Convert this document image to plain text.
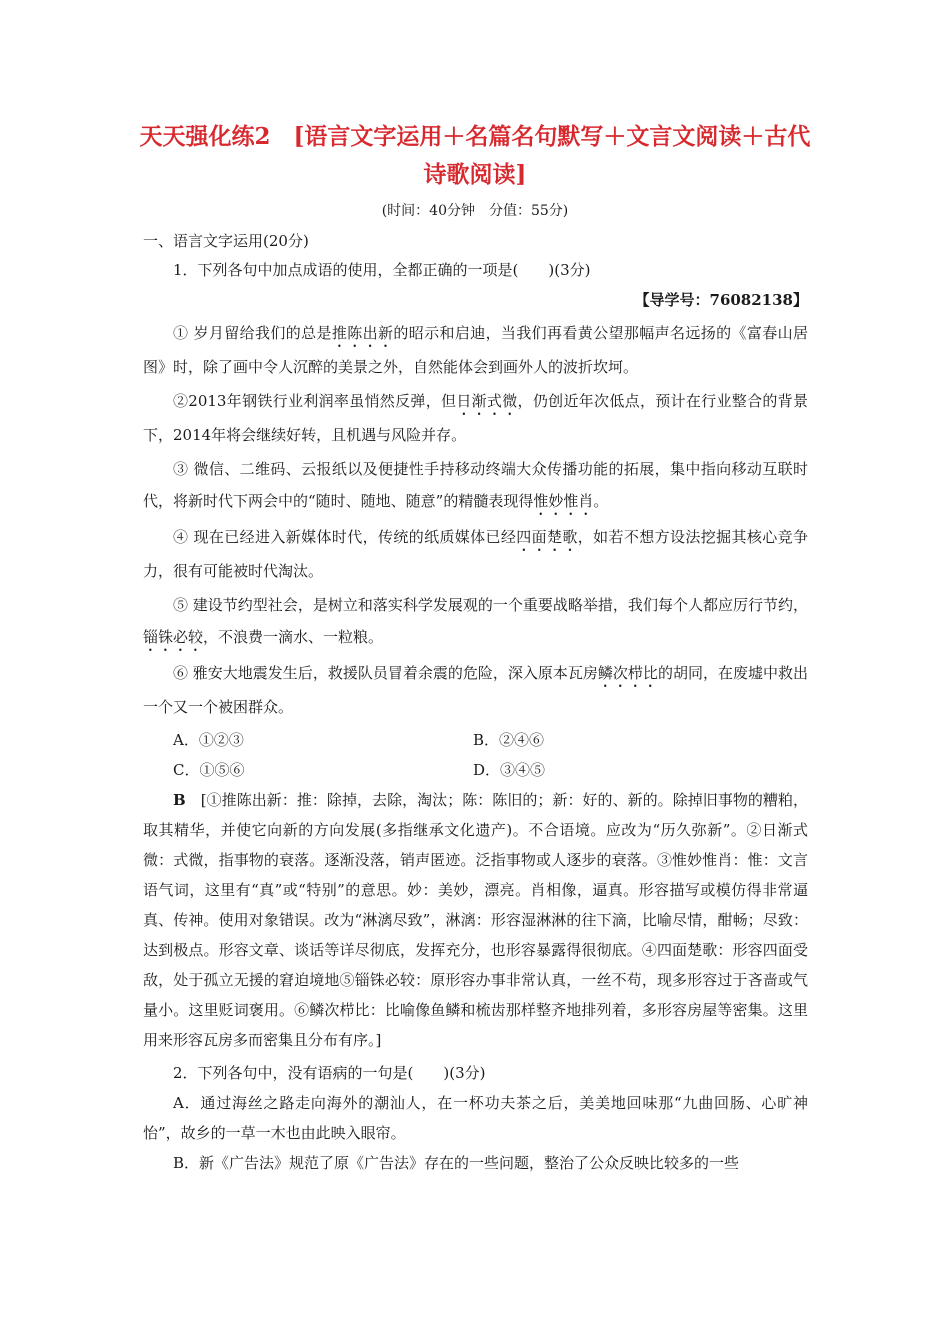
天天强化练2　[语言文字运用＋名篇名句默写＋文言文阅读＋古代
诗歌阅读]
(时间：40分钟　分值：55分)
一、语言文字运用(20分)
1．下列各句中加点成语的使用，全都正确的一项是(　　)(3分)
【导学号：76082138】
① 岁月留给我们的总是推陈出新的昭示和启迪，当我们再看黄公望那幅声名远扬的《富春山居图》时，除了画中令人沉醉的美景之外，自然能体会到画外人的波折坎坷。
②2013年钢铁行业利润率虽悄然反弹，但日渐式微，仍创近年次低点，预计在行业整合的背景下，2014年将会继续好转，且机遇与风险并存。
③ 微信、二维码、云报纸以及便捷性手持移动终端大众传播功能的拓展，集中指向移动互联时代，将新时代下两会中的“随时、随地、随意”的精髓表现得惟妙惟肖。
④ 现在已经进入新媒体时代，传统的纸质媒体已经四面楚歌，如若不想方设法挖掘其核心竞争力，很有可能被时代淘汰。
⑤ 建设节约型社会，是树立和落实科学发展观的一个重要战略举措，我们每个人都应厉行节约，锱铢必较，不浪费一滴水、一粒粮。
⑥ 雅安大地震发生后，救援队员冒着余震的危险，深入原本瓦房鳞次栉比的胡同，在废墟中救出一个又一个被困群众。
A．①②③	B．②④⑥
C．①⑤⑥	D．③④⑤
B　 [①推陈出新：推：除掉，去除，淘汰；陈：陈旧的；新：好的、新的。除掉旧事物的糟粕，取其精华，并使它向新的方向发展(多指继承文化遗产)。不合语境。应改为“历久弥新”。②日渐式微：式微，指事物的衰落。逐渐没落，销声匿迹。泛指事物或人逐步的衰落。③惟妙惟肖：惟：文言语气词，这里有“真”或“特别”的意思。妙：美妙，漂亮。肖相像，逼真。形容描写或模仿得非常逼真、传神。使用对象错误。改为“淋漓尽致”，淋漓：形容湿淋淋的往下滴，比喻尽情，酣畅；尽致：达到极点。形容文章、谈话等详尽彻底，发挥充分，也形容暴露得很彻底。④四面楚歌：形容四面受敌，处于孤立无援的窘迫境地⑤锱铢必较：原形容办事非常认真，一丝不苟，现多形容过于吝啬或气量小。这里贬词褒用。⑥鳞次栉比：比喻像鱼鳞和梳齿那样整齐地排列着，多形容房屋等密集。这里用来形容瓦房多而密集且分布有序。]
2．下列各句中，没有语病的一句是(　　)(3分)
A．通过海丝之路走向海外的潮汕人，在一杯功夫茶之后，美美地回味那“九曲回肠、心旷神怡”，故乡的一草一木也由此映入眼帘。
B．新《广告法》规范了原《广告法》存在的一些问题，整治了公众反映比较多的一些
